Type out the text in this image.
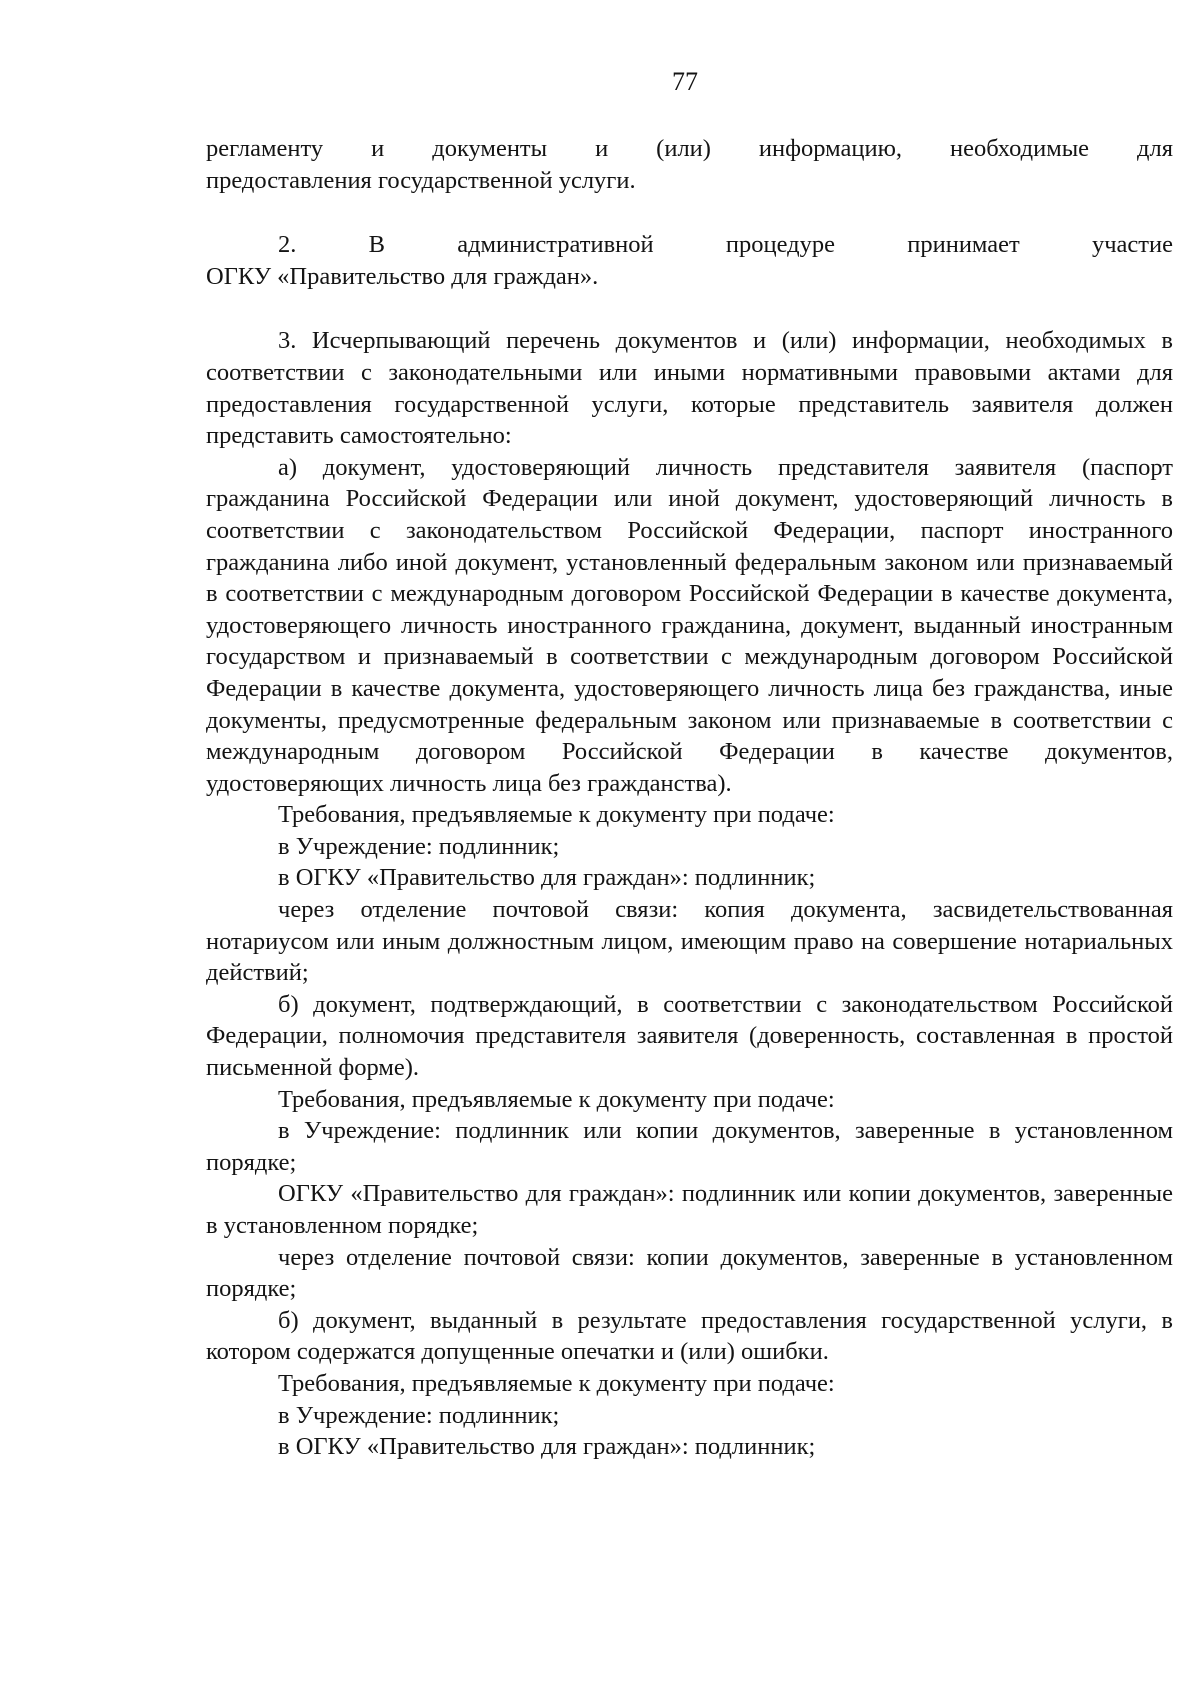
77

регламенту и документы и (или) информацию, необходимые для

предоставления государственной услуги.

2. В административной процедуре принимает участие

ОГКУ «Правительство для граждан».

3. Исчерпывающий перечень документов и (или) информации, необходимых в соответствии с законодательными или иными нормативными правовыми актами для предоставления государственной услуги, которые представитель заявителя должен представить самостоятельно:

а) документ, удостоверяющий личность представителя заявителя (паспорт гражданина Российской Федерации или иной документ, удостоверяющий личность в соответствии с законодательством Российской Федерации, паспорт иностранного гражданина либо иной документ, установленный федеральным законом или признаваемый в соответствии с международным договором Российской Федерации в качестве документа, удостоверяющего личность иностранного гражданина, документ, выданный иностранным государством и признаваемый в соответствии с международным договором Российской Федерации в качестве документа, удостоверяющего личность лица без гражданства, иные документы, предусмотренные федеральным законом или признаваемые в соответствии с международным договором Российской Федерации в качестве документов, удостоверяющих личность лица без гражданства).

Требования, предъявляемые к документу при подаче:

в Учреждение: подлинник;

в ОГКУ «Правительство для граждан»: подлинник;

через отделение почтовой связи: копия документа, засвидетельствованная нотариусом или иным должностным лицом, имеющим право на совершение нотариальных действий;

б) документ, подтверждающий, в соответствии с законодательством Российской Федерации, полномочия представителя заявителя (доверенность, составленная в простой письменной форме).

Требования, предъявляемые к документу при подаче:

в Учреждение: подлинник или копии документов, заверенные в установленном порядке;

ОГКУ «Правительство для граждан»: подлинник или копии документов, заверенные в установленном порядке;

через отделение почтовой связи: копии документов, заверенные в установленном порядке;

б) документ, выданный в результате предоставления государственной услуги, в котором содержатся допущенные опечатки и (или) ошибки.

Требования, предъявляемые к документу при подаче:

в Учреждение: подлинник;

в ОГКУ «Правительство для граждан»: подлинник;
